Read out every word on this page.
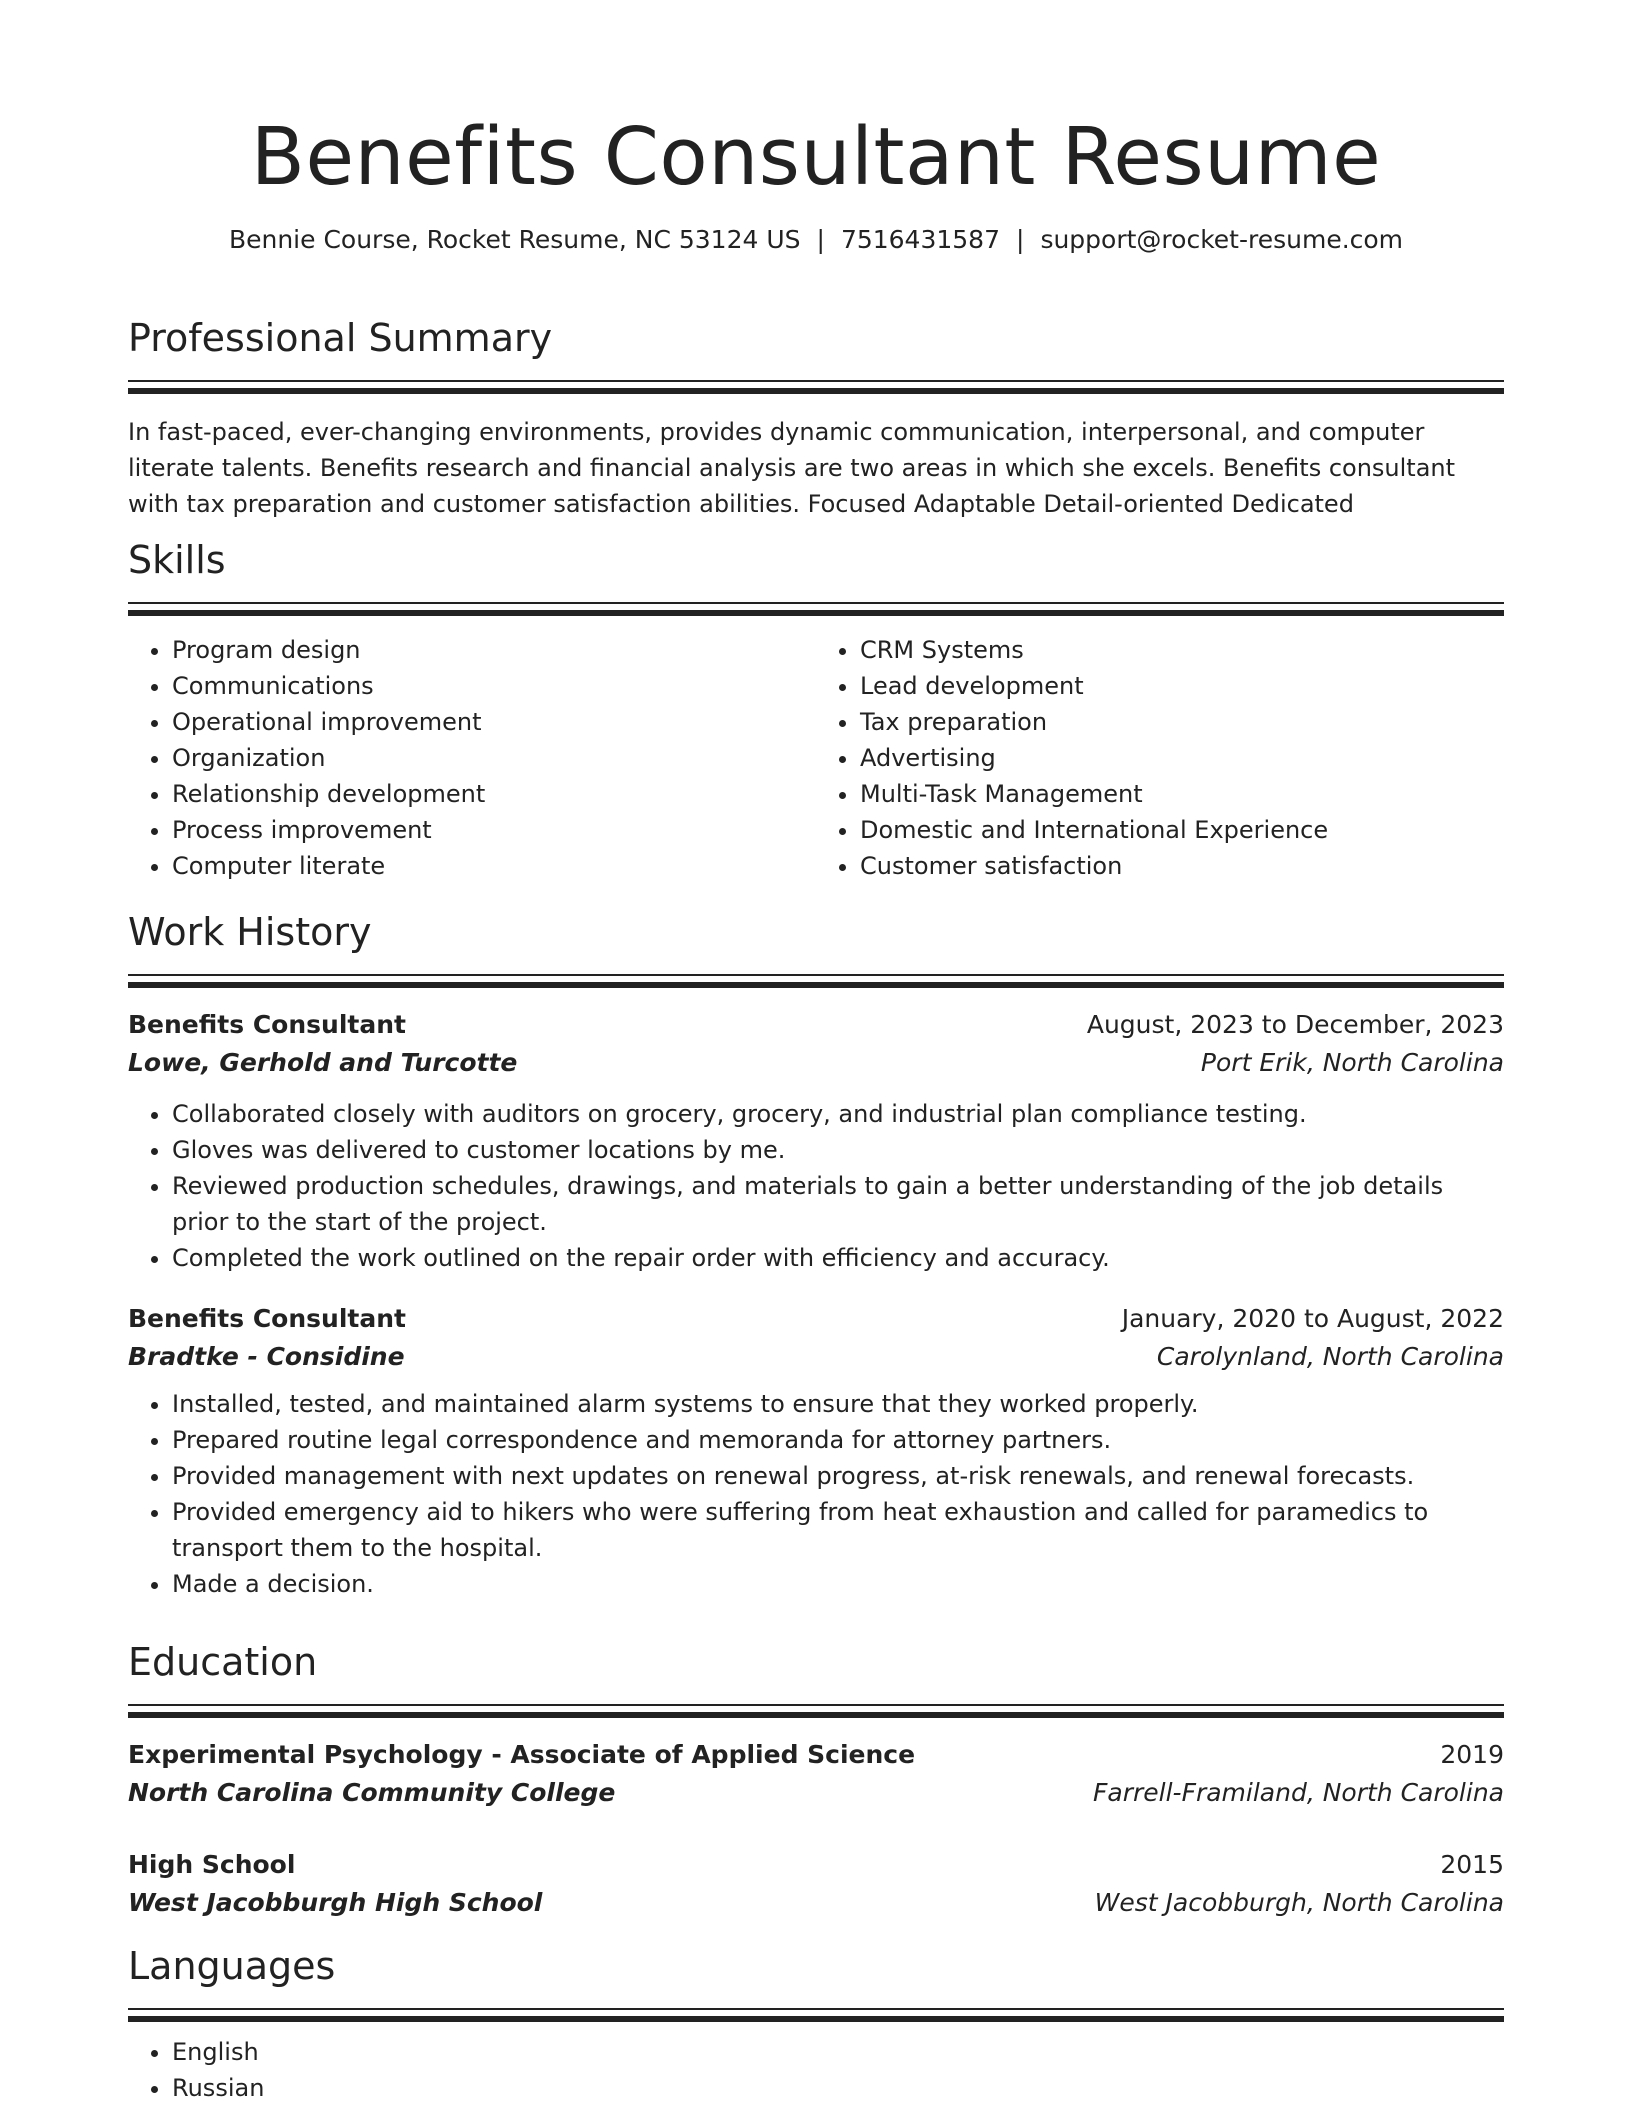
Benefits Consultant Resume
Bennie Course, Rocket Resume, NC 53124 US | 7516431587 | support@rocket-resume.com
Professional Summary
In fast-paced, ever-changing environments, provides dynamic communication, interpersonal, and computer literate talents. Benefits research and financial analysis are two areas in which she excels. Benefits consultant with tax preparation and customer satisfaction abilities. Focused Adaptable Detail-oriented Dedicated
Skills
• Program design
• Communications
• Operational improvement
• Organization
• Relationship development
• Process improvement
• Computer literate
• CRM Systems
• Lead development
• Tax preparation
• Advertising
• Multi-Task Management
• Domestic and International Experience
• Customer satisfaction
Work History
Benefits Consultant	August, 2023 to December, 2023
Lowe, Gerhold and Turcotte	Port Erik, North Carolina
• Collaborated closely with auditors on grocery, grocery, and industrial plan compliance testing.
• Gloves was delivered to customer locations by me.
• Reviewed production schedules, drawings, and materials to gain a better understanding of the job details prior to the start of the project.
• Completed the work outlined on the repair order with efficiency and accuracy.
Benefits Consultant	January, 2020 to August, 2022
Bradtke - Considine	Carolynland, North Carolina
• Installed, tested, and maintained alarm systems to ensure that they worked properly.
• Prepared routine legal correspondence and memoranda for attorney partners.
• Provided management with next updates on renewal progress, at-risk renewals, and renewal forecasts.
• Provided emergency aid to hikers who were suffering from heat exhaustion and called for paramedics to transport them to the hospital.
• Made a decision.
Education
Experimental Psychology - Associate of Applied Science	2019
North Carolina Community College	Farrell-Framiland, North Carolina
High School	2015
West Jacobburgh High School	West Jacobburgh, North Carolina
Languages
• English
• Russian
